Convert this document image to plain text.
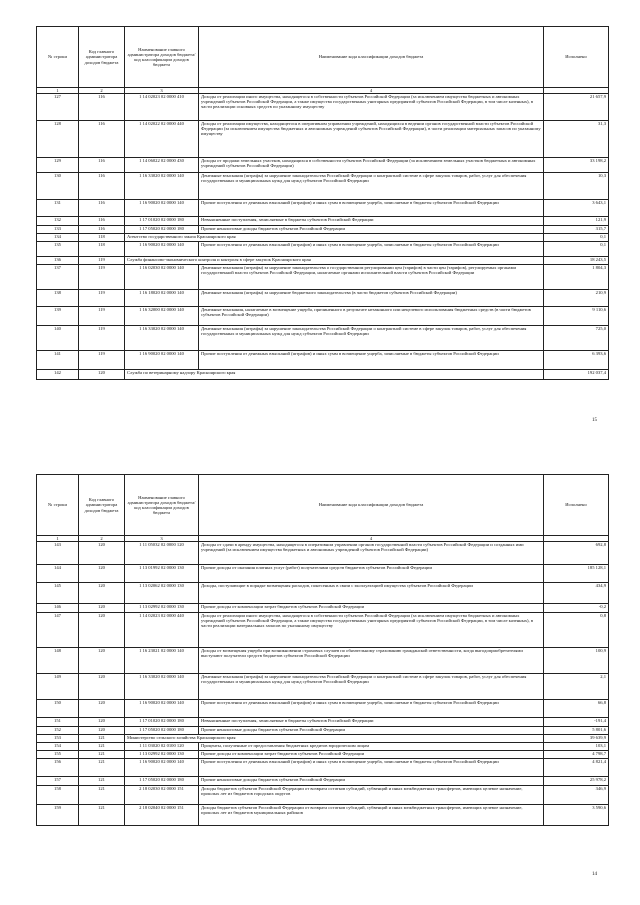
№ строки	Код главного администратора доходов бюджета	Наименование главного администратора доходов бюджета/ код классификации доходов бюджета	Наименование кода классификации доходов бюджета	Исполнено
1	2	3	4	
127	116	1 14 02023 02 0000 410	Доходы от реализации иного имущества, находящегося в собственности субъектов Российской Федерации (за исключением имущества бюджетных и автономных учреждений субъектов Российской Федерации, а также имущества государственных унитарных предприятий субъектов Российской Федерации, в том числе казенных), в части реализации основных средств по указанному имуществу	21 657,9
128	116	1 14 02022 02 0000 440	Доходы от реализации имущества, находящегося в оперативном управлении учреждений, находящихся в ведении органов государственной власти субъектов Российской Федерации (за исключением имущества бюджетных и автономных учреждений субъектов Российской Федерации), в части реализации материальных запасов по указанному имуществу	31,3
129	116	1 14 06022 02 0000 430	Доходы от продажи земельных участков, находящихся в собственности субъектов Российской Федерации (за исключением земельных участков бюджетных и автономных учреждений субъектов Российской Федерации)	33 198,2
130	116	1 16 33020 02 0000 140	Денежные взыскания (штрафы) за нарушение законодательства Российской Федерации о контрактной системе в сфере закупок товаров, работ, услуг для обеспечения государственных и муниципальных нужд для нужд субъектов Российской Федерации	10,3
131	116	1 16 90020 02 0000 140	Прочие поступления от денежных взысканий (штрафов) и иных сумм в возмещение ущерба, зачисляемые в бюджеты субъектов Российской Федерации	3 643,1
132	116	1 17 01020 02 0000 180	Невыясненные поступления, зачисляемые в бюджеты субъектов Российской Федерации	121,9
133	116	1 17 05020 02 0000 180	Прочие неналоговые доходы бюджетов субъектов Российской Федерации	315,7
134	118	Агентство государственного заказа Красноярского края		0,1
135	118	1 16 90020 02 0000 140	Прочие поступления от денежных взысканий (штрафов) и иных сумм в возмещение ущерба, зачисляемые в бюджеты субъектов Российской Федерации	0,1
136	119	Служба финансово-экономического контроля и контроля в сфере закупок Красноярского края		18 243,5
137	119	1 16 02030 02 0000 140	Денежные взыскания (штрафы) за нарушение законодательства о государственном регулировании цен (тарифов) в части цен (тарифов), регулируемых органами государственной власти субъектов Российской Федерации, налагаемые органами исполнительной власти субъектов Российской Федерации	1 804,3
138	119	1 16 18020 02 0000 140	Денежные взыскания (штрафы) за нарушение бюджетного законодательства (в части бюджетов субъектов Российской Федерации)	210,9
139	119	1 16 32000 02 0000 140	Денежные взыскания, налагаемые в возмещение ущерба, причиненного в результате незаконного или нецелевого использования бюджетных средств (в части бюджетов субъектов Российской Федерации)	9 110,6
140	119	1 16 33020 02 0000 140	Денежные взыскания (штрафы) за нарушение законодательства Российской Федерации о контрактной системе в сфере закупок товаров, работ, услуг для обеспечения государственных и муниципальных нужд для нужд субъектов Российской Федерации	725,0
141	119	1 16 90020 02 0000 140	Прочие поступления от денежных взысканий (штрафов) и иных сумм в возмещение ущерба, зачисляемые в бюджеты субъектов Российской Федерации	6 393,6
142	120	Служба по ветеринарному надзору Красноярского края		192 037,4
15
№ строки	Код главного администратора доходов бюджета	Наименование главного администратора доходов бюджета/ код классификации доходов бюджета	Наименование кода классификации доходов бюджета	Исполнено
1	2	3	4	
143	120	1 11 05032 02 0000 120	Доходы от сдачи в аренду имущества, находящегося в оперативном управлении органов государственной власти субъектов Российской Федерации и созданных ими учреждений (за исключением имущества бюджетных и автономных учреждений субъектов Российской Федерации)	692,8
144	120	1 13 01992 02 0000 130	Прочие доходы от оказания платных услуг (работ) получателями средств бюджетов субъектов Российской Федерации	185 128,1
145	120	1 13 02062 02 0000 130	Доходы, поступающие в порядке возмещения расходов, понесенных в связи с эксплуатацией имущества субъектов Российской Федерации	434,9
146	120	1 13 02992 02 0000 130	Прочие доходы от компенсации затрат бюджетов субъектов Российской Федерации	-0,2
147	120	1 14 02023 02 0000 440	Доходы от реализации иного имущества, находящегося в собственности субъектов Российской Федерации (за исключением имущества бюджетных и автономных учреждений субъектов Российской Федерации, а также имущества государственных унитарных предприятий субъектов Российской Федерации, в том числе казенных), в части реализации материальных запасов по указанному имуществу	0,8
148	120	1 16 23021 02 0000 140	Доходы от возмещения ущерба при возникновении страховых случаев по обязательному страхованию гражданской ответственности, когда выгодоприобретателями выступают получатели средств бюджетов субъектов Российской Федерации	100,9
149	120	1 16 33020 02 0000 140	Денежные взыскания (штрафы) за нарушение законодательства Российской Федерации о контрактной системе в сфере закупок товаров, работ, услуг для обеспечения государственных и муниципальных нужд для нужд субъектов Российской Федерации	2,1
150	120	1 16 90020 02 0000 140	Прочие поступления от денежных взысканий (штрафов) и иных сумм в возмещение ущерба, зачисляемые в бюджеты субъектов Российской Федерации	66,8
151	120	1 17 01020 02 0000 180	Невыясненные поступления, зачисляемые в бюджеты субъектов Российской Федерации	-191,4
152	120	1 17 05020 02 0000 180	Прочие неналоговые доходы бюджетов субъектов Российской Федерации	5 801,6
153	121	Министерство сельского хозяйства Красноярского края		39 639,9
154	121	1 11 03020 02 0100 120	Проценты, полученные от предоставления бюджетных кредитов юридическим лицам	103,1
155	121	1 13 02992 02 0000 130	Прочие доходы от компенсации затрат бюджетов субъектов Российской Федерации	4 798,7
156	121	1 16 90020 02 0000 140	Прочие поступления от денежных взысканий (штрафов) и иных сумм в возмещение ущерба, зачисляемые в бюджеты субъектов Российской Федерации	4 821,4
157	121	1 17 05020 02 0000 180	Прочие неналоговые доходы бюджетов субъектов Российской Федерации	25 978,2
158	121	2 18 02030 02 0000 151	Доходы бюджетов субъектов Российской Федерации от возврата остатков субсидий, субвенций и иных межбюджетных трансфертов, имеющих целевое назначение, прошлых лет из бюджетов городских округов	346,9
159	121	2 18 02040 02 0000 151	Доходы бюджетов субъектов Российской Федерации от возврата остатков субсидий, субвенций и иных межбюджетных трансфертов, имеющих целевое назначение, прошлых лет из бюджетов муниципальных районов	3 590,6
14
